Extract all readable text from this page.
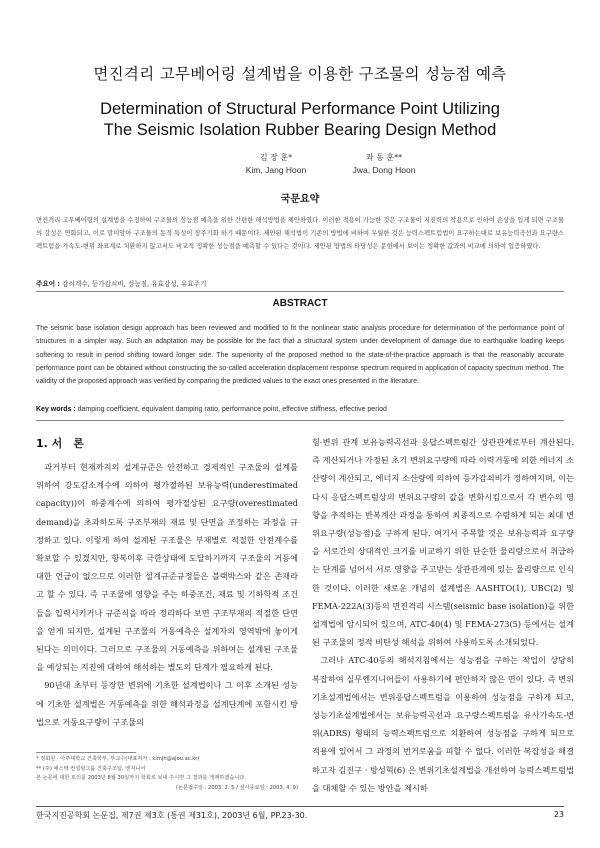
면진격리 고무베어링 설계법을 이용한 구조물의 성능점 예측
Determination of Structural Performance Point Utilizing
The Seismic Isolation Rubber Bearing Design Method
김 장 훈*
Kim, Jang Hoon
좌 동 훈**
Jwa, Dong Hoon
국문요약
면진격리 고무베어링의 설계법을 수정하여 구조물의 성능점 예측을 위한 간편한 해석방법을 제안하였다. 이러한 적용이 가능한 것은 구조물이 지진력의 작용으로 인하여 손상을 입게 되면 구조물의 강성은 연화되고, 이로 말미암아 구조물의 동적 특성이 장주기화 하기 때문이다. 제안된 해석법이 기존의 방법에 비하여 우월한 것은 능력스펙트럼법이 요구하는대로 보유능력곡선과 요구량스펙트럼을 가속도-변위 좌표계로 치환하지 않고서도 비교적 정확한 성능점을 예측할 수 있다는 것이다. 제안된 방법의 타당성은 문헌에서 보이는 정확한 값과의 비교에 의하여 입증하였다.
주요어 : 감쇠계수, 등가감쇠비, 성능점, 유효강성, 유효주기
ABSTRACT
The seismic base isolation design approach has been reviewed and modified to fit the nonlinear static analysis procedure for determination of the performance point of structures in a simpler way. Such an adaptation may be possible for the fact that a structural system under development of damage due to earthquake loading keeps softening to result in period shifting toward longer side. The superiority of the proposed method to the state-of-the-practice approach is that the reasonably accurate performance point can be obtained without constructing the so-called acceleration displacement response spectrum required in application of capacity spectrum method. The validity of the proposed approach was verified by comparing the predicted values to the exact ones presented in the literature.
Key words : damping coefficient, equivalent damping ratio, performance point, effective stiffness, effective period

1. 서　론

과거부터 현재까지의 설계규준은 안전하고 경제적인 구조물의 설계를 위하여 강도감소계수에 의하여 평가절하된 보유능력(underestimated capacity))이 하중계수에 의하여 평가절상된 요구량(overestimated demand)을 초과하도록 구조부재의 재료 및 단면을 조정하는 과정을 규정하고 있다. 이렇게 하여 설계된 구조물은 부재별로 적절한 안전계수를 확보할 수 있겠지만, 항복이후 극한상태에 도달하기까지 구조물의 거동에 대한 언급이 없으므로 이러한 설계규준규정들은 블랙박스와 같은 존재라고 할 수 있다. 즉 구조물에 영향을 주는 하중조건, 재료 및 기하학적 조건들을 입력시키거나 규준식을 따라 정리하다 보면 구조부재의 적절한 단면을 얻게 되지만, 설계된 구조물의 거동예측은 설계자의 영역밖에 놓이게 된다는 의미이다. 그러므로 구조물의 거동예측을 위하여는 설계된 구조물을 예상되는 지진에 대하여 해석하는 별도의 단계가 필요하게 된다.

90년대 초부터 등장한 변위에 기초한 설계법이나 그 이후 소개된 성능에 기초한 설계법은 거동예측을 위한 해석과정을 설계단계에 포함시킨 방법으로 거동요구량이 구조물의

힘-변위 관계 보유능력곡선과 응답스펙트럼간 상관관계로부터 계산된다. 즉 계산되거나 가정된 초기 변위요구량에 따라 이력거동에 의한 에너지 소산량이 계산되고, 에너지 소산량에 의하여 등가감쇠비가 정하여지며, 이는 다시 응답스펙트럼상의 변위요구량의 값을 변화시킴으로서 각 변수의 영향을 추적하는 반복계산 과정을 통하여 최종적으로 수렴하게 되는 최대 변위요구량(성능점)을 구하게 된다. 여기서 주목할 것은 보유능력과 요구량을 서로간의 상대적인 크기를 비교하기 위한 단순한 물리량으로서 취급하는 단계를 넘어서 서로 영향을 주고받는 상관관계에 있는 물리량으로 인식한 것이다. 이러한 새로운 개념의 설계법은 AASHTO(1), UBC(2) 및 FEMA-222A(3)등의 면진격리 시스템(seismic base isolation)을 위한 설계법에 암시되어 있으며, ATC-40(4) 및 FEMA-273(5) 등에서는 설계된 구조물의 정적 비탄성 해석을 위하여 사용하도록 소개되었다.

그러나 ATC-40등의 해석지침에서는 성능점을 구하는 작업이 상당히 복잡하여 실무엔지니어들이 사용하기에 편안하지 않은 면이 있다. 즉 변위기초설계법에서는 변위응답스펙트럼을 이용하여 성능점을 구하게 되고, 성능기초설계법에서는 보유능력곡선과 요구량스펙트럼을 유사가속도-변위(ADRS) 형태의 능력스펙트럼으로 치환하여 성능점을 구하게 되므로 적용에 있어서 그 과정의 번거로움을 피할 수 없다. 이러한 복잡성을 해결하고자 김진구 · 방성혁(6) 은 변위기초설계법을 개선하여 능력스펙트럼법을 대체할 수 있는 방안을 제시하

* 정회원 · 아주대학교 건축학부, 부교수(대표저자 : kimjh@ajou.ac.kr)
** (주) 예스텍 컨설팅그룹 건축구조팀, 엔지니어
본 논문에 대한 토의를 2003년 8월 30일까지 학회로 보내 주시면 그 결과를 게재하겠습니다.
(논문접수일 : 2003. 2. 5 / 심사종료일 : 2003. 4. 9)
한국지진공학회 논문집, 제7권 제3호 (통권 제31호), 2003년 6월, PP.23-30.	23
